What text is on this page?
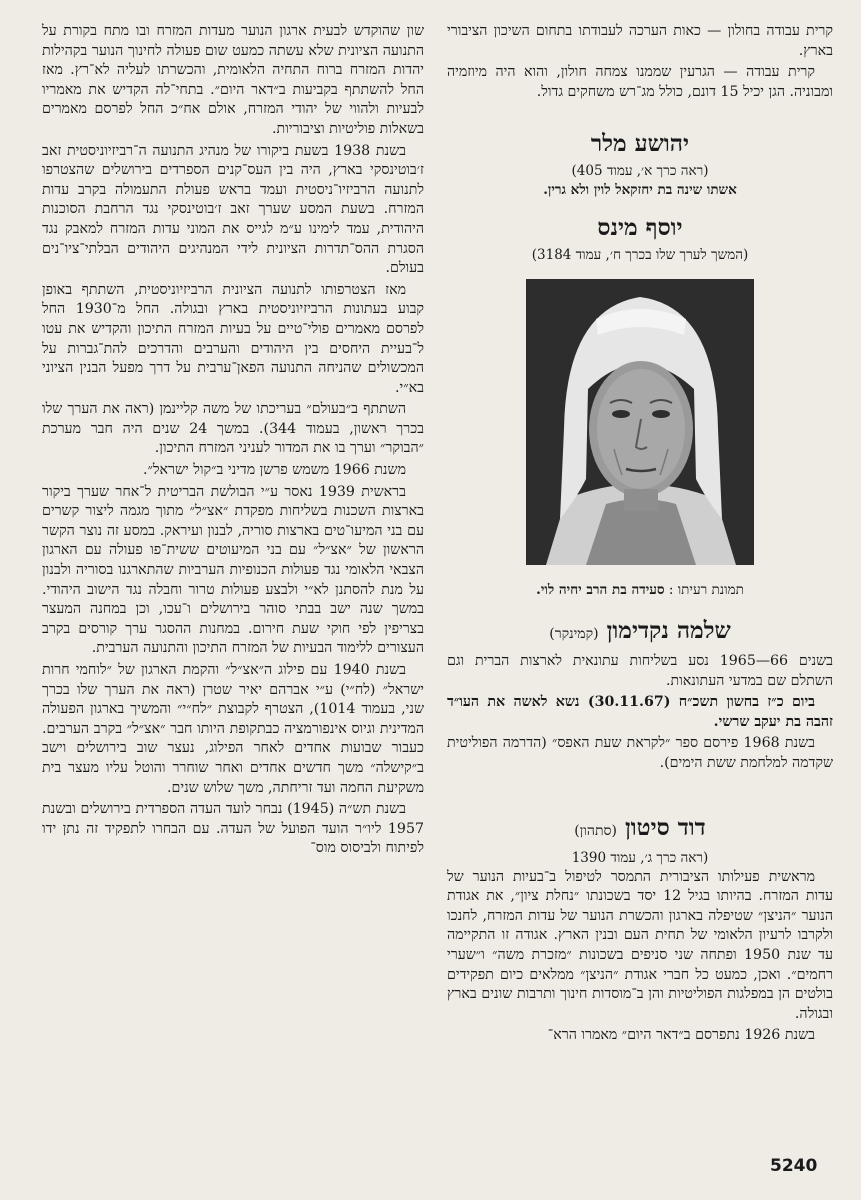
קרית עבודה בחולון — כאות הערכה לעבודתו בתחום השיכון הציבורי בארץ.

קרית עבודה — הגרעין שממנו צמחה חולון, והוא היה מיוזמיה ומבוניה. הגן יכיל 15 דונם, כולל מג־רש משחקים גדול.

יהושע מלר

(ראה כרך א׳, עמוד 405)

אשתו שינה בת יחזקאל לוין ולא גרין.

יוסף מינס

(המשך לערך שלו בכרך ח׳, עמוד 3184)

תמונת רעיתו : סעידה בת הרב יחיה לוי.

שלמה נקדימון (קמינקר)

בשנים 66—1965 נסע בשליחות עתונאית לארצות הברית וגם השתלם שם במדעי העתונאות.

ביום כ״ז בחשון תשכ״ח (30.11.67) נשא לאשה את העו״ד זהבה בת יעקב שרשי.

בשנת 1968 פירסם ספר ״לקראת שעת האפס״ (הדרמה הפוליטית שקדמה למלחמת ששת הימים).

דוד סיטון (סתהון)

(ראה כרך ג׳, עמוד 1390

מראשית פעילותו הציבורית התמסר לטיפול ב־בעיות הנוער של עדות המזרח. בהיותו בגיל 12 יסד בשכונתו ״נחלת ציון״, את אגודת הנוער ״הניצן״ שטיפלה בארגון והכשרת הנוער של עדות המזרח, לחנכו ולקרבו לרעיון הלאומי של תחית העם ובנין הארץ. אגודה זו התקיימה עד שנת 1950 ופתחה שני סניפים בשכונות ״מזכרת משה״ ו״שערי רחמים״. ואכן, כמעט כל חברי אגודת ״הניצן״ ממלאים כיום תפקידים בולטים הן במפלגות הפוליטיות והן ב־מוסדות חינוך ותרבות שונים בארץ ובגולה.

בשנת 1926 נתפרסם ב״דאר היום״ מאמרו הרא־

שון שהוקדש לבעית ארגון הנוער מעדות המזרח ובו מתח בקורת על התנועה הציונית שלא עשתה כמעט שום פעולה לחינוך הנוער בקהילות יהדות המזרח ברוח התחיה הלאומית, והכשרתו לעליה לא־רץ. מאז החל להשתתף בקביעות ב״דאר היום״. בתחי־לה הקדיש את מאמריו לבעיות ולהווי של יהודי המזרח, אולם אח״כ החל לפרסם מאמרים בשאלות פוליטיות וציבוריות.

בשנת 1938 בשעת ביקורו של מנהיג התנועה ה־רביזיוניסטית זאב ז׳בוטינסקי בארץ, היה בין העס־קנים הספרדים בירושלים שהצטרפו לתנועה הרביזיו־ניסטית ועמד בראש פעולת התעמולה בקרב עדות המזרח. בשעת המסע שערך זאב ז׳בוטינסקי נגד הרחבת הסוכנות היהודית, עמד לימינו ע״מ לגייס את המוני עדות המזרח למאבק נגד הסגרת ההס־תדרות הציונית לידי המנהיגים היהודים הבלתי־ציו־נים בעולם.

מאז הצטרפותו לתנועה הציונית הרביזיוניסטית, השתתף באופן קבוע בעתונות הרביזיוניסטית בארץ ובגולה. החל מ־1930 החל לפרסם מאמרים פולי־טיים על בעיות המזרח התיכון והקדיש את עטו ל־בעיית היחסים בין היהודים והערבים והדרכים להת־גברות על המכשולים שהניחה התנועה הפאן־ערבית על דרך מפעל הבנין הציוני בא״י.

השתתף ב״בעולם״ בעריכתו של משה קליינמן (ראה את הערך שלו בכרך ראשון, בעמוד 344). במשך 24 שנים היה חבר מערכת ״הבוקר״ וערך בו את המדור לעניני המזרח התיכון.

משנת 1966 משמש פרשן מדיני ב״קול ישראל״.

בראשית 1939 נאסר ע״י הבולשת הבריטית ל־אחר שערך ביקור בארצות השכנות בשליחות מפקדת ״אצ״ל״ מתוך מגמה ליצור קשרים עם בני המיעו־טים בארצות סוריה, לבנון ועיראק. במסע זה נוצר הקשר הראשון של ״אצ״ל״ עם בני המיעוטים ששית־פו פעולה עם הארגון הצבאי הלאומי נגד פעולות הכנופיות הערביות שהתארגנו בסוריה ולבנון על מנת להסתנן לא״י ולבצע פעולות טרור וחבלה נגד הישוב היהודי. במשך שנה ישב בבתי סוהר בירושלים ו־עכו, וכן במחנה המעצר בצריפין לפי חוקי שעת חירום. במחנות ההסגר ערך קורסים בקרב העצורים ללימוד הבעיות של המזרח התיכון והתנועה הערבית.

בשנת 1940 עם פילוג ה״אצ״ל״ והקמת הארגון של ״לוחמי חרות ישראל״ (לח״י) ע״י אברהם יאיר שטרן (ראה את הערך שלו בכרך שני, בעמוד 1014), הצטרף לקבוצת ״לח״י״ והמשיך בארגון הפעולה המדינית וגיוס אינפורמציה כבתקופת היותו חבר ״אצ״ל״ בקרב הערבים. כעבור שבועות אחדים לאחר הפילוג, נעצר שוב בירושלים וישב ב״קישלה״ משך חדשים אחדים ואחר שוחרר והוטל עליו מעצר בית משקיעת החמה ועד זריחתה, משך שלוש שנים.

בשנת תש״ה (1945) נבחר לועד העדה הספרדית בירושלים ובשנת 1957 ליו״ר הועד הפועל של העדה. עם הבחרו לתפקיד זה נתן ידו לפיתוח ולביסוס מוס־

5240
